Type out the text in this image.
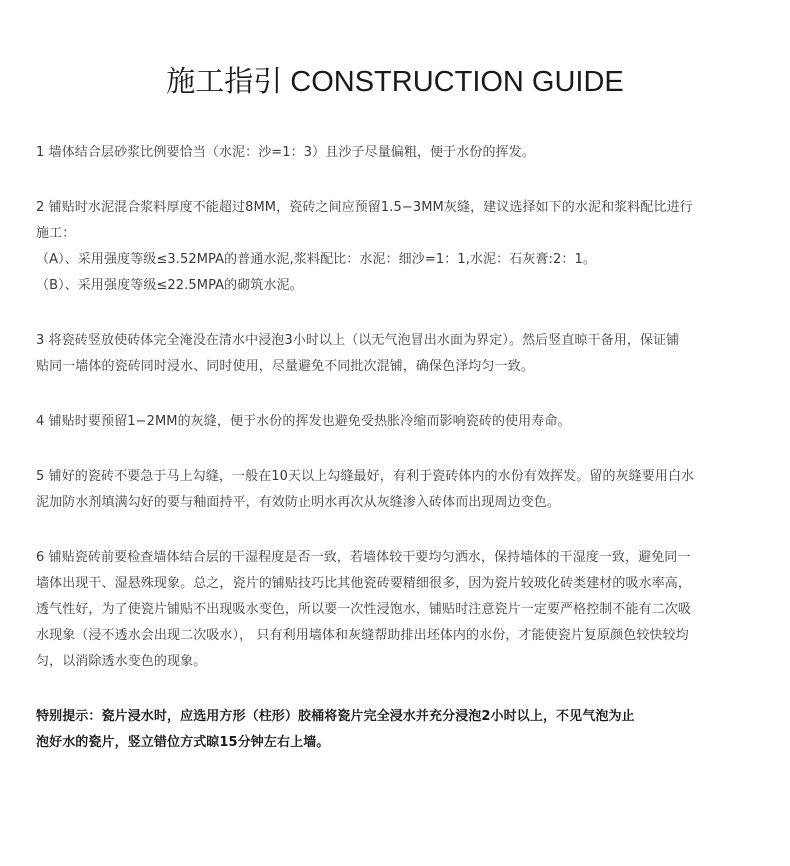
施工指引 CONSTRUCTION GUIDE
1 墙体结合层砂浆比例要恰当（水泥：沙=1：3）且沙子尽量偏粗，便于水份的挥发。
2 铺贴时水泥混合浆料厚度不能超过8MM，瓷砖之间应预留1.5−3MM灰缝，建议选择如下的水泥和浆料配比进行
施工：
（A）、采用强度等级≤3.52MPA的普通水泥,浆料配比：水泥：细沙=1：1,水泥：石灰膏:2：1。
（B）、采用强度等级≤22.5MPA的砌筑水泥。
3 将瓷砖竖放使砖体完全淹没在清水中浸泡3小时以上（以无气泡冒出水面为界定）。然后竖直晾干备用，保证铺
贴同一墙体的瓷砖同时浸水、同时使用，尽量避免不同批次混铺，确保色泽均匀一致。
4 铺贴时要预留1−2MM的灰缝，便于水份的挥发也避免受热胀冷缩而影响瓷砖的使用寿命。
5 铺好的瓷砖不要急于马上勾缝，一般在10天以上勾缝最好，有利于瓷砖体内的水份有效挥发。留的灰缝要用白水
泥加防水剂填满勾好的要与釉面持平，有效防止明水再次从灰缝渗入砖体而出现周边变色。
6 铺贴瓷砖前要检查墙体结合层的干湿程度是否一致，若墙体较干要均匀洒水，保持墙体的干湿度一致，避免同一
墙体出现干、湿悬殊现象。总之，瓷片的铺贴技巧比其他瓷砖要精细很多，因为瓷片较玻化砖类建材的吸水率高，
透气性好，为了使瓷片铺贴不出现吸水变色，所以要一次性浸饱水，铺贴时注意瓷片一定要严格控制不能有二次吸
水现象（浸不透水会出现二次吸水）， 只有利用墙体和灰缝帮助排出坯体内的水份，才能使瓷片复原颜色较快较均
匀，以消除透水变色的现象。
特别提示：瓷片浸水时，应选用方形（柱形）胶桶将瓷片完全浸水并充分浸泡2小时以上，不见气泡为止
泡好水的瓷片，竖立错位方式晾15分钟左右上墙。
